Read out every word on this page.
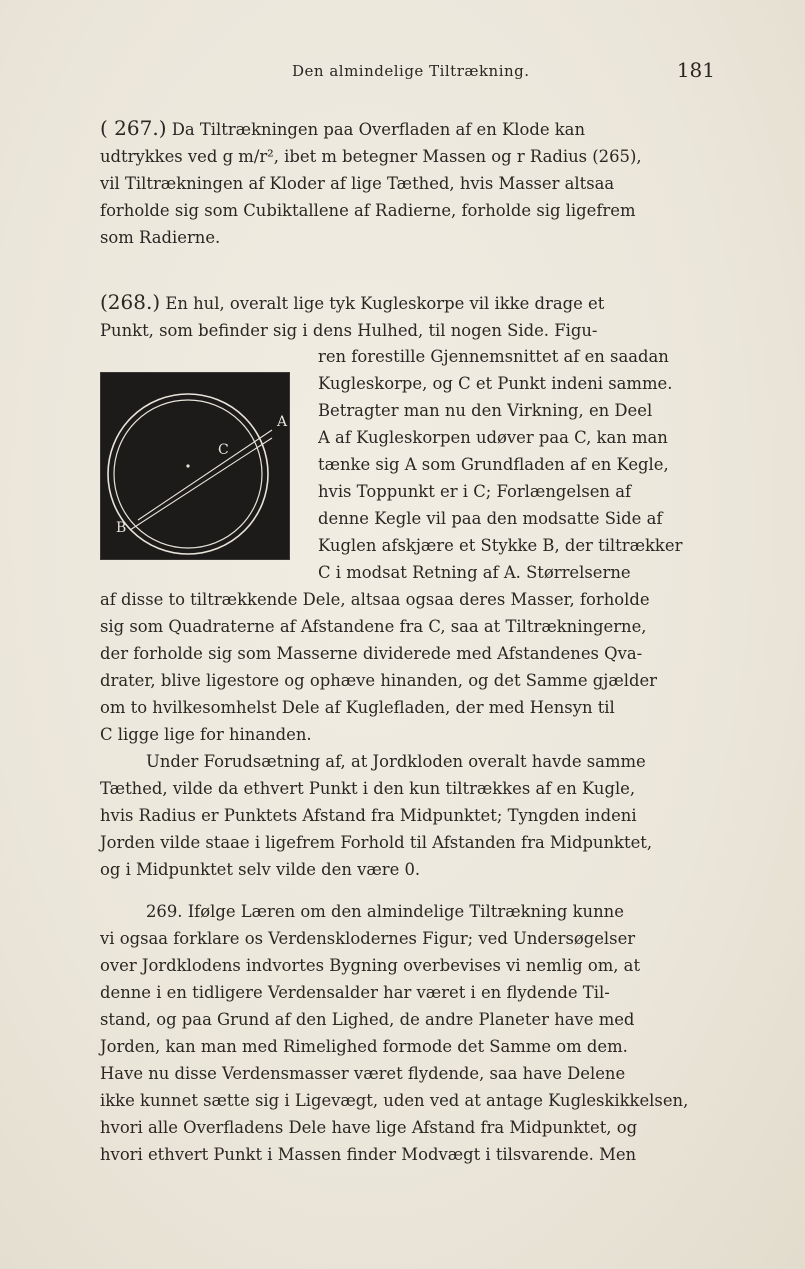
Den almindelige Tiltrækning.	181

( 267.) Da Tiltrækningen paa Overfladen af en Klode kan

udtrykkes ved g m/r², ibet m betegner Massen og r Radius (265),

vil Tiltrækningen af Kloder af lige Tæthed, hvis Masser altsaa

forholde sig som Cubiktallene af Radierne, forholde sig ligefrem

som Radierne.

(268.) En hul, overalt lige tyk Kugleskorpe vil ikke drage et

Punkt, som befinder sig i dens Hulhed, til nogen Side. Figu-

A
B
C

ren forestille Gjennemsnittet af en saadan

Kugleskorpe, og C et Punkt indeni samme.

Betragter man nu den Virkning, en Deel

A af Kugleskorpen udøver paa C, kan man

tænke sig A som Grundfladen af en Kegle,

hvis Toppunkt er i C; Forlængelsen af

denne Kegle vil paa den modsatte Side af

Kuglen afskjære et Stykke B, der tiltrækker

C i modsat Retning af A. Størrelserne

af disse to tiltrækkende Dele, altsaa ogsaa deres Masser, forholde

sig som Quadraterne af Afstandene fra C, saa at Tiltrækningerne,

der forholde sig som Masserne dividerede med Afstandenes Qva-

drater, blive ligestore og ophæve hinanden, og det Samme gjælder

om to hvilkesomhelst Dele af Kuglefladen, der med Hensyn til

C ligge lige for hinanden.

Under Forudsætning af, at Jordkloden overalt havde samme

Tæthed, vilde da ethvert Punkt i den kun tiltrækkes af en Kugle,

hvis Radius er Punktets Afstand fra Midpunktet; Tyngden indeni

Jorden vilde staae i ligefrem Forhold til Afstanden fra Midpunktet,

og i Midpunktet selv vilde den være 0.

269. Ifølge Læren om den almindelige Tiltrækning kunne

vi ogsaa forklare os Verdensklodernes Figur; ved Undersøgelser

over Jordklodens indvortes Bygning overbevises vi nemlig om, at

denne i en tidligere Verdensalder har været i en flydende Til-

stand, og paa Grund af den Lighed, de andre Planeter have med

Jorden, kan man med Rimelighed formode det Samme om dem.

Have nu disse Verdensmasser været flydende, saa have Delene

ikke kunnet sætte sig i Ligevægt, uden ved at antage Kugleskikkelsen,

hvori alle Overfladens Dele have lige Afstand fra Midpunktet, og

hvori ethvert Punkt i Massen finder Modvægt i tilsvarende. Men
